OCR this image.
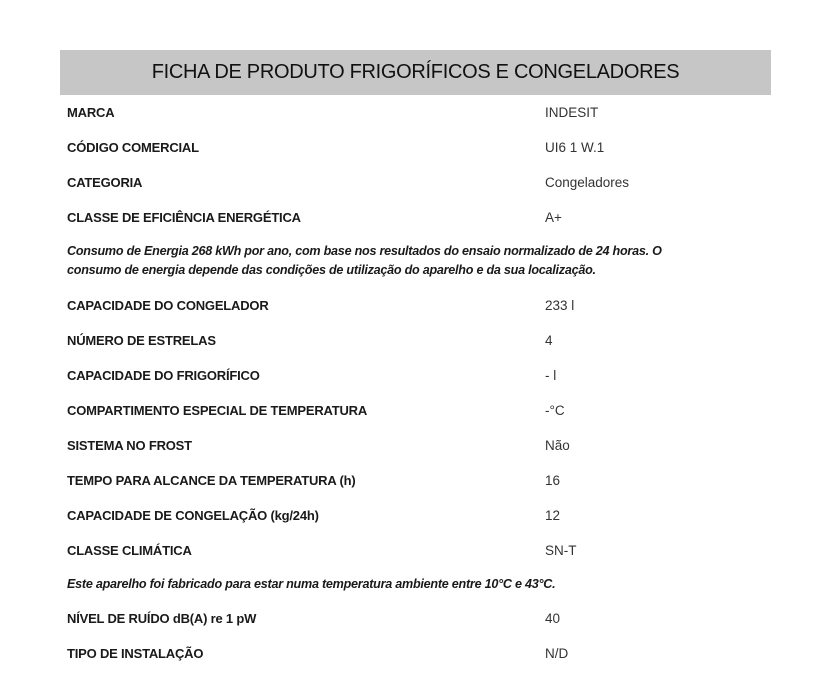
FICHA DE PRODUTO FRIGORÍFICOS E CONGELADORES
MARCA	INDESIT
CÓDIGO COMERCIAL	UI6 1 W.1
CATEGORIA	Congeladores
CLASSE DE EFICIÊNCIA ENERGÉTICA	A+
Consumo de Energia 268 kWh por ano, com base nos resultados do ensaio normalizado de 24 horas. O
consumo de energia depende das condições de utilização do aparelho e da sua localização.
CAPACIDADE DO CONGELADOR	233 l
NÚMERO DE ESTRELAS	4
CAPACIDADE DO FRIGORÍFICO	- l
COMPARTIMENTO ESPECIAL DE TEMPERATURA	-°C
SISTEMA NO FROST	Não
TEMPO PARA ALCANCE DA TEMPERATURA (h)	16
CAPACIDADE DE CONGELAÇÃO (kg/24h)	12
CLASSE CLIMÁTICA	SN-T
Este aparelho foi fabricado para estar numa temperatura ambiente entre 10°C e 43°C.
NÍVEL DE RUÍDO dB(A) re 1 pW	40
TIPO DE INSTALAÇÃO	N/D
